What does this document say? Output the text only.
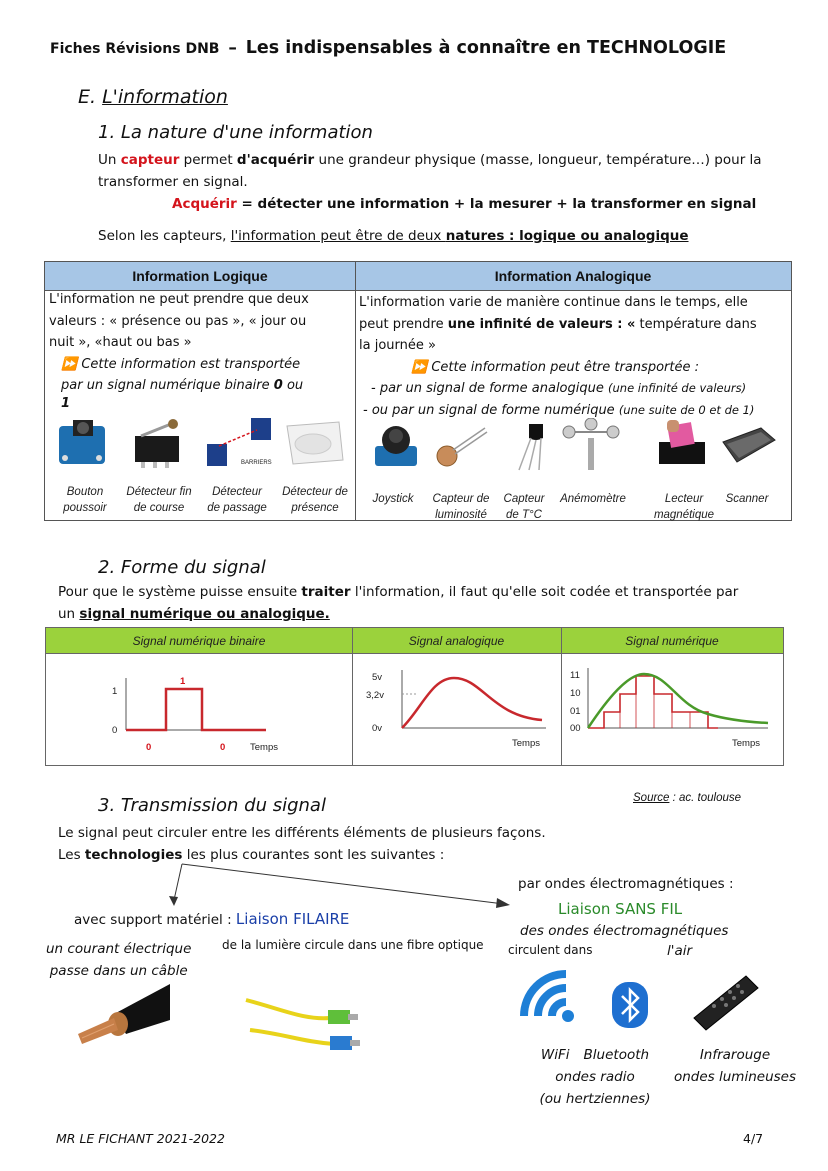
Fiches Révisions DNB – Les indispensables à connaître en TECHNOLOGIE
E. L'information
1. La nature d'une information
Un capteur permet d'acquérir une grandeur physique (masse, longueur, température…) pour la
transformer en signal.
Acquérir = détecter une information + la mesurer + la transformer en signal
Selon les capteurs, l'information peut être de deux natures : logique ou analogique
Information Logique	Information Analogique
L'information ne peut prendre que deux
valeurs : « présence ou pas », « jour ou
nuit », «haut ou bas »
⏩ Cette information est transportée
par un signal numérique binaire 0 ou
1
L'information varie de manière continue dans le temps, elle
peut prendre une infinité de valeurs : « température dans
la journée »
⏩ Cette information peut être transportée :
- par un signal de forme analogique (une infinité de valeurs)
- ou par un signal de forme numérique (une suite de 0 et de 1)
BARRIERS
Bouton
poussoir
Détecteur fin
de course
Détecteur
de passage
Détecteur de
présence
Joystick	Capteur de
luminosité
Capteur
de T°C
Anémomètre	Lecteur
magnétique
Scanner
2. Forme du signal
Pour que le système puisse ensuite traiter l'information, il faut qu'elle soit codée et transportée par
un signal numérique ou analogique.
Signal numérique binaire	Signal analogique	Signal numérique
1
0
1
0	0	Temps
5v
3,2v
0v
Temps
11
10
01
00
Temps
3. Transmission du signal	Source : ac. toulouse
Le signal peut circuler entre les différents éléments de plusieurs façons.
Les technologies les plus courantes sont les suivantes :
avec support matériel : Liaison FILAIRE
un courant électrique
passe dans un câble
de la lumière circule dans une fibre optique
par ondes électromagnétiques :
Liaison SANS FIL
des ondes électromagnétiques
circulent dans	l'air
WiFi Bluetooth
ondes radio
(ou hertziennes)
Infrarouge
ondes lumineuses
MR LE FICHANT 2021-2022	4/7
